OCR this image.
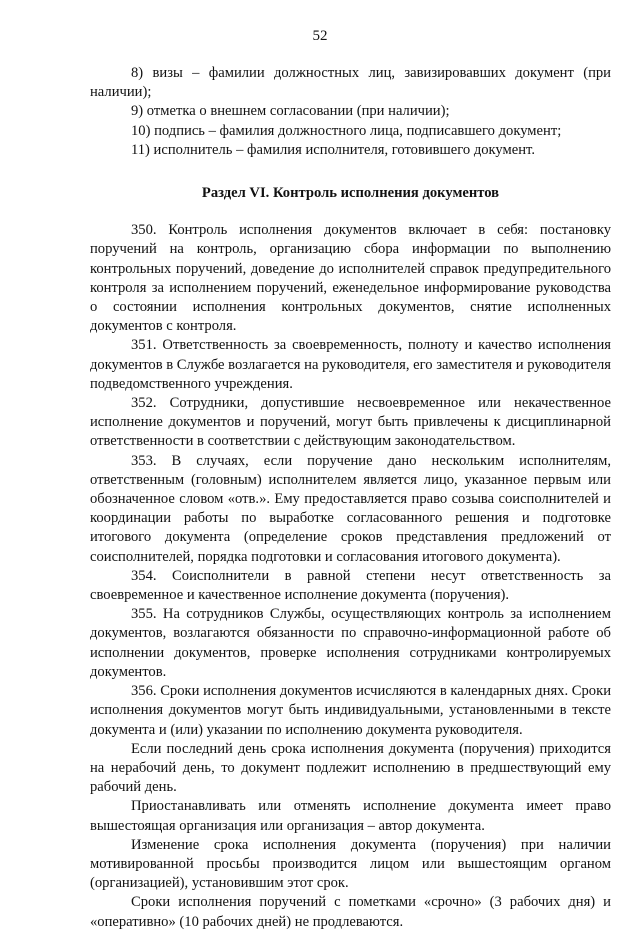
52

8) визы – фамилии должностных лиц, завизировавших документ (при наличии);

9) отметка о внешнем согласовании (при наличии);

10) подпись – фамилия должностного лица, подписавшего документ;

11) исполнитель – фамилия исполнителя, готовившего документ.

Раздел VI. Контроль исполнения документов

350. Контроль исполнения документов включает в себя: постановку поручений на контроль, организацию сбора информации по выполнению контрольных поручений, доведение до исполнителей справок предупредительного контроля за исполнением поручений, еженедельное информирование руководства о состоянии исполнения контрольных документов, снятие исполненных документов с контроля.

351. Ответственность за своевременность, полноту и качество исполнения документов в Службе возлагается на руководителя, его заместителя и руководителя подведомственного учреждения.

352. Сотрудники, допустившие несвоевременное или некачественное исполнение документов и поручений, могут быть привлечены к дисциплинарной ответственности в соответствии с действующим законодательством.

353. В случаях, если поручение дано нескольким исполнителям, ответственным (головным) исполнителем является лицо, указанное первым или обозначенное словом «отв.». Ему предоставляется право созыва соисполнителей и координации работы по выработке согласованного решения и подготовке итогового документа (определение сроков представления предложений от соисполнителей, порядка подготовки и согласования итогового документа).

354. Соисполнители в равной степени несут ответственность за своевременное и качественное исполнение документа (поручения).

355. На сотрудников Службы, осуществляющих контроль за исполнением документов, возлагаются обязанности по справочно-информационной работе об исполнении документов, проверке исполнения сотрудниками контролируемых документов.

356. Сроки исполнения документов исчисляются в календарных днях. Сроки исполнения документов могут быть индивидуальными, установленными в тексте документа и (или) указании по исполнению документа руководителя.

Если последний день срока исполнения документа (поручения) приходится на нерабочий день, то документ подлежит исполнению в предшествующий ему рабочий день.

Приостанавливать или отменять исполнение документа имеет право вышестоящая организация или организация – автор документа.

Изменение срока исполнения документа (поручения) при наличии мотивированной просьбы производится лицом или вышестоящим органом (организацией), установившим этот срок.

Сроки исполнения поручений с пометками «срочно» (3 рабочих дня) и «оперативно» (10 рабочих дней) не продлеваются.
